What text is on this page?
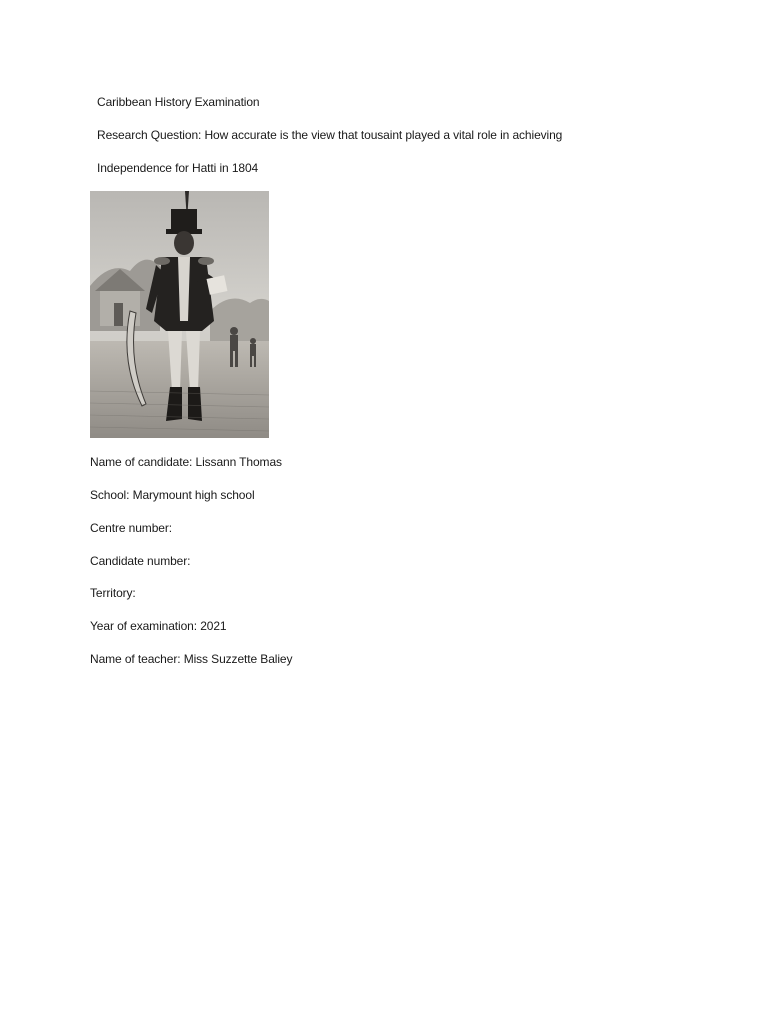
Caribbean History Examination
Research Question: How accurate is the view that tousaint played a vital role in achieving
Independence for Hatti in 1804
Name of candidate: Lissann Thomas
School: Marymount high school
Centre number:
Candidate number:
Territory:
Year of examination: 2021
Name of teacher: Miss Suzzette Baliey
